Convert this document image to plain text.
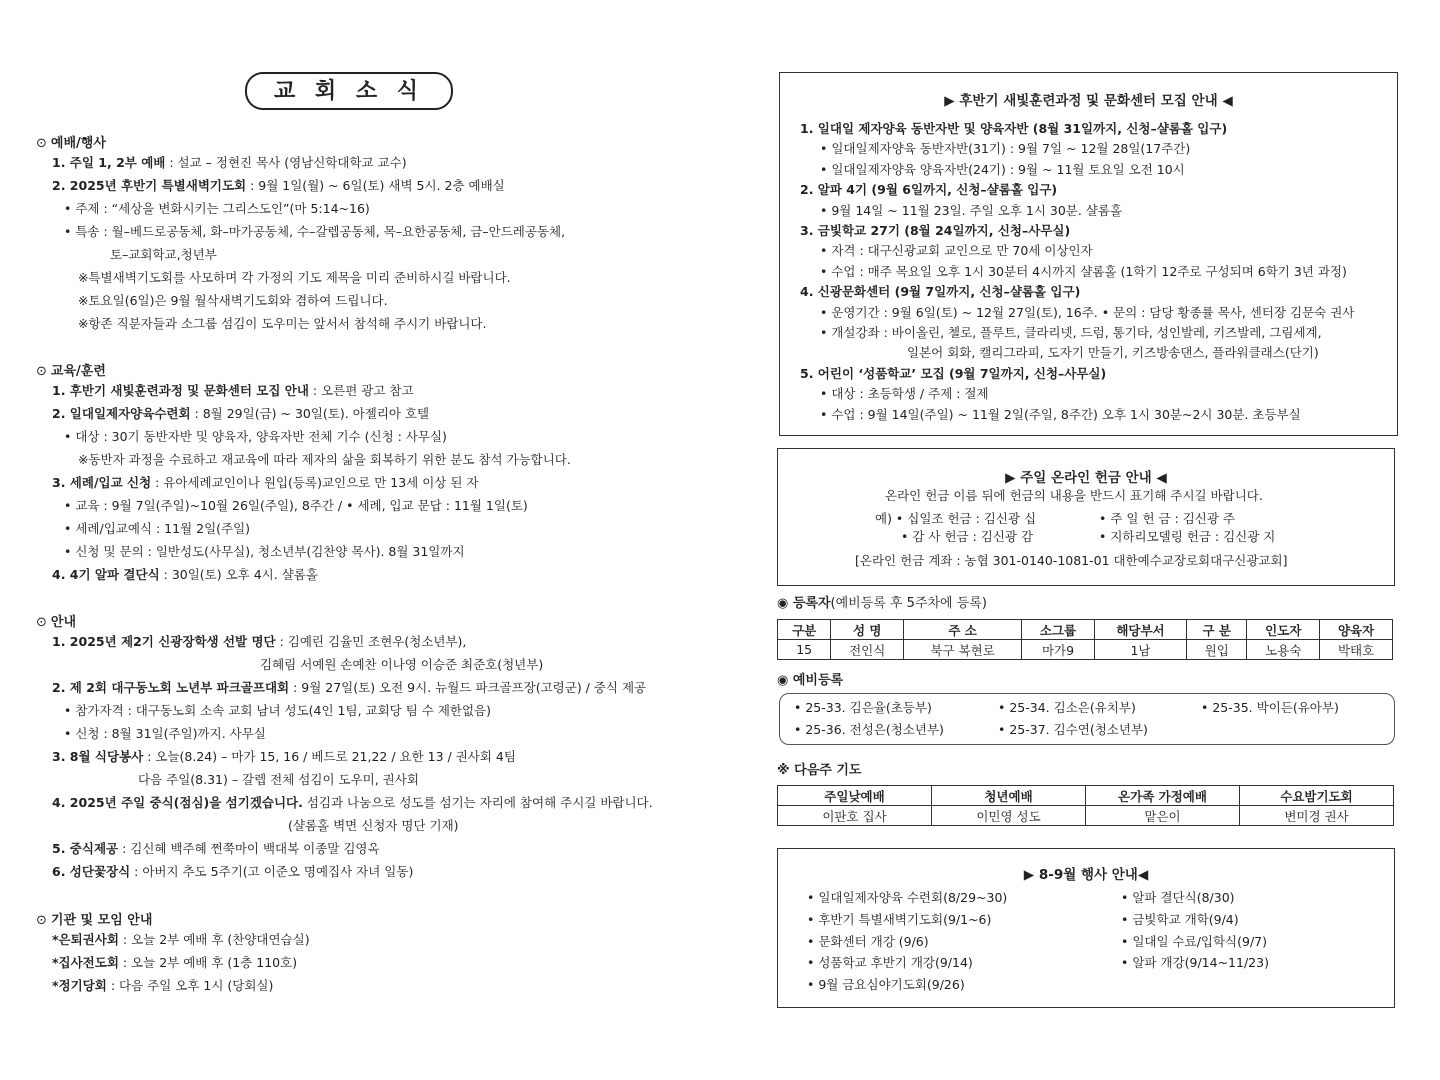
교 회 소 식
⊙ 예배/행사
1. 주일 1, 2부 예배 : 설교 – 정현진 목사 (영남신학대학교 교수)
2. 2025년 후반기 특별새벽기도회 : 9월 1일(월) ~ 6일(토) 새벽 5시. 2층 예배실
• 주제 : “세상을 변화시키는 그리스도인”(마 5:14~16)
• 특송 : 월–베드로공동체, 화–마가공동체, 수–갈렙공동체, 목–요한공동체, 금–안드레공동체,
토–교회학교,청년부
※특별새벽기도회를 사모하며 각 가정의 기도 제목을 미리 준비하시길 바랍니다.
※토요일(6일)은 9월 월삭새벽기도회와 겸하여 드립니다.
※항존 직분자들과 소그룹 섬김이 도우미는 앞서서 참석해 주시기 바랍니다.
⊙ 교육/훈련
1. 후반기 새빛훈련과정 및 문화센터 모집 안내 : 오른편 광고 참고
2. 일대일제자양육수련회 : 8월 29일(금) ~ 30일(토). 아젤리아 호텔
• 대상 : 30기 동반자반 및 양육자, 양육자반 전체 기수 (신청 : 사무실)
※동반자 과정을 수료하고 재교육에 따라 제자의 삶을 회복하기 위한 분도 참석 가능합니다.
3. 세례/입교 신청 : 유아세례교인이나 원입(등록)교인으로 만 13세 이상 된 자
• 교육 : 9월 7일(주일)~10월 26일(주일), 8주간 / • 세례, 입교 문답 : 11월 1일(토)
• 세례/입교예식 : 11월 2일(주일)
• 신청 및 문의 : 일반성도(사무실), 청소년부(김찬양 목사). 8월 31일까지
4. 4기 알파 결단식 : 30일(토) 오후 4시. 샬롬홀
⊙ 안내
1. 2025년 제2기 신광장학생 선발 명단 : 김예린 김율민 조현우(청소년부),
김혜림 서예원 손예찬 이나영 이승준 최준호(청년부)
2. 제 2회 대구동노회 노년부 파크골프대회 : 9월 27일(토) 오전 9시. 뉴월드 파크골프장(고령군) / 중식 제공
• 참가자격 : 대구동노회 소속 교회 남녀 성도(4인 1팀, 교회당 팀 수 제한없음)
• 신청 : 8월 31일(주일)까지. 사무실
3. 8월 식당봉사 : 오늘(8.24) – 마가 15, 16 / 베드로 21,22 / 요한 13 / 권사회 4팀
다음 주일(8.31) – 갈렙 전체 섬김이 도우미, 권사회
4. 2025년 주일 중식(점심)을 섬기겠습니다. 섬김과 나눔으로 성도를 섬기는 자리에 참여해 주시길 바랍니다.
(샬롬홀 벽면 신청자 명단 기재)
5. 중식제공 : 김신혜 백주혜 쩐쭉마이 백대복 이종말 김영옥
6. 성단꽃장식 : 아버지 추도 5주기(고 이준오 명예집사 자녀 일동)
⊙ 기관 및 모임 안내
*은퇴권사회 : 오늘 2부 예배 후 (찬양대연습실)
*집사전도회 : 오늘 2부 예배 후 (1층 110호)
*정기당회 : 다음 주일 오후 1시 (당회실)
▶ 후반기 새빛훈련과정 및 문화센터 모집 안내 ◀
1. 일대일 제자양육 동반자반 및 양육자반 (8월 31일까지, 신청–샬롬홀 입구)
• 일대일제자양육 동반자반(31기) : 9월 7일 ~ 12월 28일(17주간)
• 일대일제자양육 양육자반(24기) : 9월 ~ 11월 토요일 오전 10시
2. 알파 4기 (9월 6일까지, 신청–샬롬홀 입구)
• 9월 14일 ~ 11월 23일. 주일 오후 1시 30분. 샬롬홀
3. 금빛학교 27기 (8월 24일까지, 신청–사무실)
• 자격 : 대구신광교회 교인으로 만 70세 이상인자
• 수업 : 매주 목요일 오후 1시 30분터 4시까지 샬롬홀 (1학기 12주로 구성되며 6학기 3년 과정)
4. 신광문화센터 (9월 7일까지, 신청–샬롬홀 입구)
• 운영기간 : 9월 6일(토) ~ 12월 27일(토), 16주. • 문의 : 담당 황종률 목사, 센터장 김문숙 권사
• 개설강좌 : 바이올린, 첼로, 플루트, 클라리넷, 드럼, 통기타, 성인발레, 키즈발레, 그림세계,
일본어 회화, 캘리그라피, 도자기 만들기, 키즈방송댄스, 플라워클래스(단기)
5. 어린이 ‘성품학교’ 모집 (9월 7일까지, 신청–사무실)
• 대상 : 초등학생 / 주제 : 절제
• 수업 : 9월 14일(주일) ~ 11월 2일(주일, 8주간) 오후 1시 30분~2시 30분. 초등부실
▶ 주일 온라인 헌금 안내 ◀
온라인 헌금 이름 뒤에 헌금의 내용을 반드시 표기해 주시길 바랍니다.
예) • 십일조 헌금 : 김신광 십	• 주 일 헌 금 : 김신광 주
• 감 사 헌금 : 김신광 감	• 지하리모델링 헌금 : 김신광 지
[온라인 헌금 계좌 : 농협 301-0140-1081-01 대한예수교장로회대구신광교회]
◉ 등록자(예비등록 후 5주차에 등록)
구분	성 명	주 소	소그룹	해당부서	구 분	인도자	양육자
15	전인식	북구 복현로	마가9	1남	원입	노용숙	박태호
◉ 예비등록
• 25-33. 김은율(초등부)	• 25-34. 김소은(유치부)	• 25-35. 박이든(유아부)
• 25-36. 전성은(청소년부)	• 25-37. 김수연(청소년부)
※ 다음주 기도
주일낮예배	청년예배	온가족 가정예배	수요밤기도회
이판호 집사	이민영 성도	맡은이	변미경 권사
▶ 8-9월 행사 안내◀
• 일대일제자양육 수련회(8/29~30)
• 후반기 특별새벽기도회(9/1~6)
• 문화센터 개강 (9/6)
• 성품학교 후반기 개강(9/14)
• 9월 금요심야기도회(9/26)
• 알파 결단식(8/30)
• 금빛학교 개학(9/4)
• 일대일 수료/입학식(9/7)
• 알파 개강(9/14~11/23)
